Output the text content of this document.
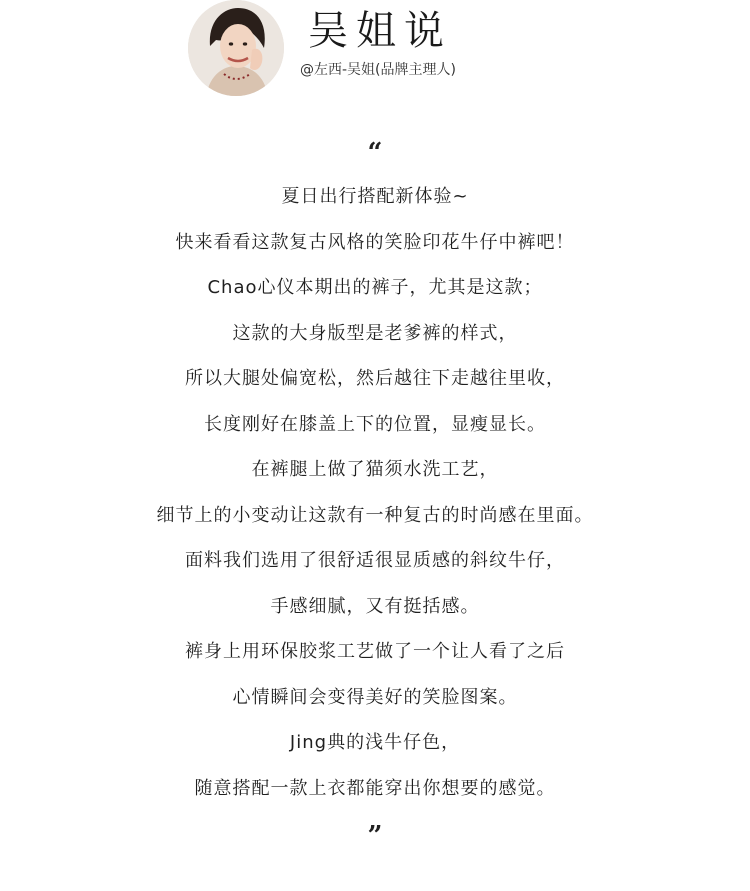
吴姐说
@左西-吴姐(品牌主理人)
“
夏日出行搭配新体验~
快来看看这款复古风格的笑脸印花牛仔中裤吧！
Chao心仪本期出的裤子，尤其是这款；
这款的大身版型是老爹裤的样式，
所以大腿处偏宽松，然后越往下走越往里收，
长度刚好在膝盖上下的位置，显瘦显长。
在裤腿上做了猫须水洗工艺，
细节上的小变动让这款有一种复古的时尚感在里面。
面料我们选用了很舒适很显质感的斜纹牛仔，
手感细腻，又有挺括感。
裤身上用环保胶浆工艺做了一个让人看了之后
心情瞬间会变得美好的笑脸图案。
Jing典的浅牛仔色，
随意搭配一款上衣都能穿出你想要的感觉。
”
